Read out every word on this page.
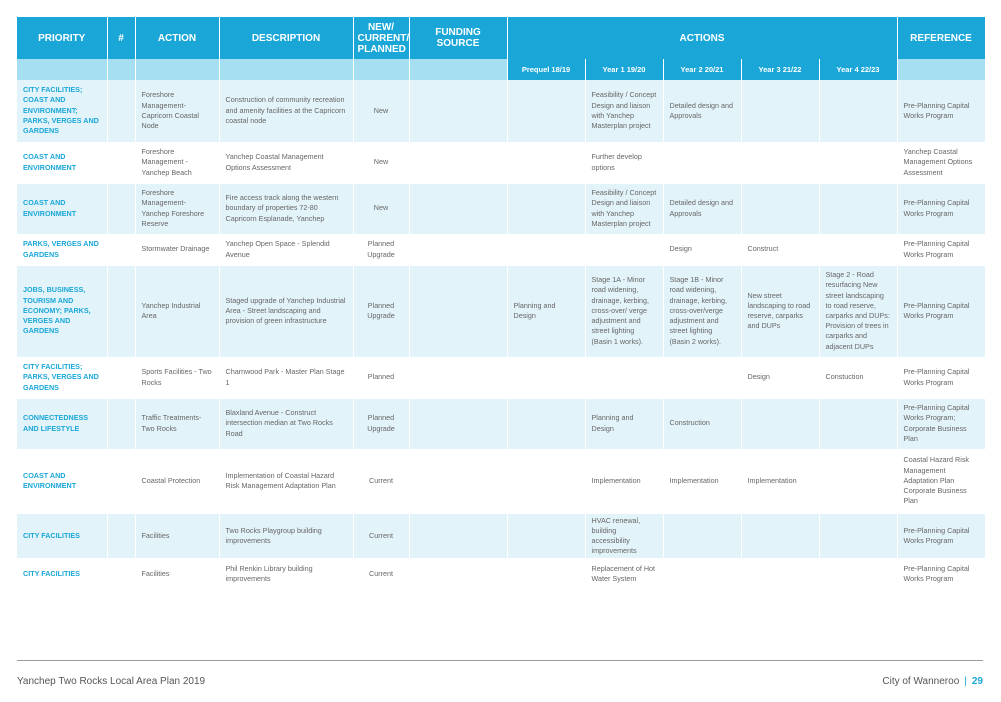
PRIORITY	#	ACTION	DESCRIPTION	NEW/ CURRENT/ PLANNED	FUNDING SOURCE	ACTIONS					REFERENCE
						Prequel 18/19	Year 1 19/20	Year 2 20/21	Year 3 21/22	Year 4 22/23	
CITY FACILITIES; COAST AND ENVIRONMENT; PARKS, VERGES AND GARDENS		Foreshore Management- Capricorn Coastal Node	Construction of community recreation and amenity facilities at the Capricorn coastal node	New			Feasibility / Concept Design and liaison with Yanchep Masterplan project	Detailed design and Approvals			Pre-Planning Capital Works Program
COAST AND ENVIRONMENT		Foreshore Management - Yanchep Beach	Yanchep Coastal Management Options Assessment	New			Further develop options				Yanchep Coastal Management Options Assessment
COAST AND ENVIRONMENT		Foreshore Management- Yanchep Foreshore Reserve	Fire access track along the western boundary of properties 72-80 Capricorn Esplanade, Yanchep	New			Feasibility / Concept Design and liaison with Yanchep Masterplan project	Detailed design and Approvals			Pre-Planning Capital Works Program
PARKS, VERGES AND GARDENS		Stormwater Drainage	Yanchep Open Space - Splendid Avenue	Planned Upgrade				Design	Construct		Pre-Planning Capital Works Program
JOBS, BUSINESS, TOURISM AND ECONOMY; PARKS, VERGES AND GARDENS		Yanchep Industrial Area	Staged upgrade of Yanchep Industrial Area - Street landscaping and provision of green infrastructure	Planned Upgrade		Planning and Design	Stage 1A - Minor road widening, drainage, kerbing, cross-over/ verge adjustment and street lighting (Basin 1 works).	Stage 1B - Minor road widening, drainage, kerbing, cross-over/verge adjustment and street lighting (Basin 2 works).	New street landscaping to road reserve, carparks and DUPs	Stage 2 - Road resurfacing New street landscaping to road reserve, carparks and DUPs: Provision of trees in carparks and adjacent DUPs	Pre-Planning Capital Works Program
CITY FACILITIES; PARKS, VERGES AND GARDENS		Sports Facilities - Two Rocks	Charnwood Park - Master Plan Stage 1	Planned					Design	Constuction	Pre-Planning Capital Works Program
CONNECTEDNESS AND LIFESTYLE		Traffic Treatments- Two Rocks	Blaxland Avenue - Construct intersection median at Two Rocks Road	Planned Upgrade			Planning and Design	Construction			Pre-Planning Capital Works Program; Corporate Business Plan
COAST AND ENVIRONMENT		Coastal Protection	Implementation of Coastal Hazard Risk Management Adaptation Plan	Current			Implementation	Implementation	Implementation		Coastal Hazard Risk Management Adaptation Plan Corporate Business Plan
CITY FACILITIES		Facilities	Two Rocks Playgroup building improvements	Current			HVAC renewal, building accessibility improvements				Pre-Planning Capital Works Program
CITY FACILITIES		Facilities	Phil Renkin Library building improvements	Current			Replacement of Hot Water System				Pre-Planning Capital Works Program
Yanchep Two Rocks Local Area Plan 2019	City of Wanneroo | 29
